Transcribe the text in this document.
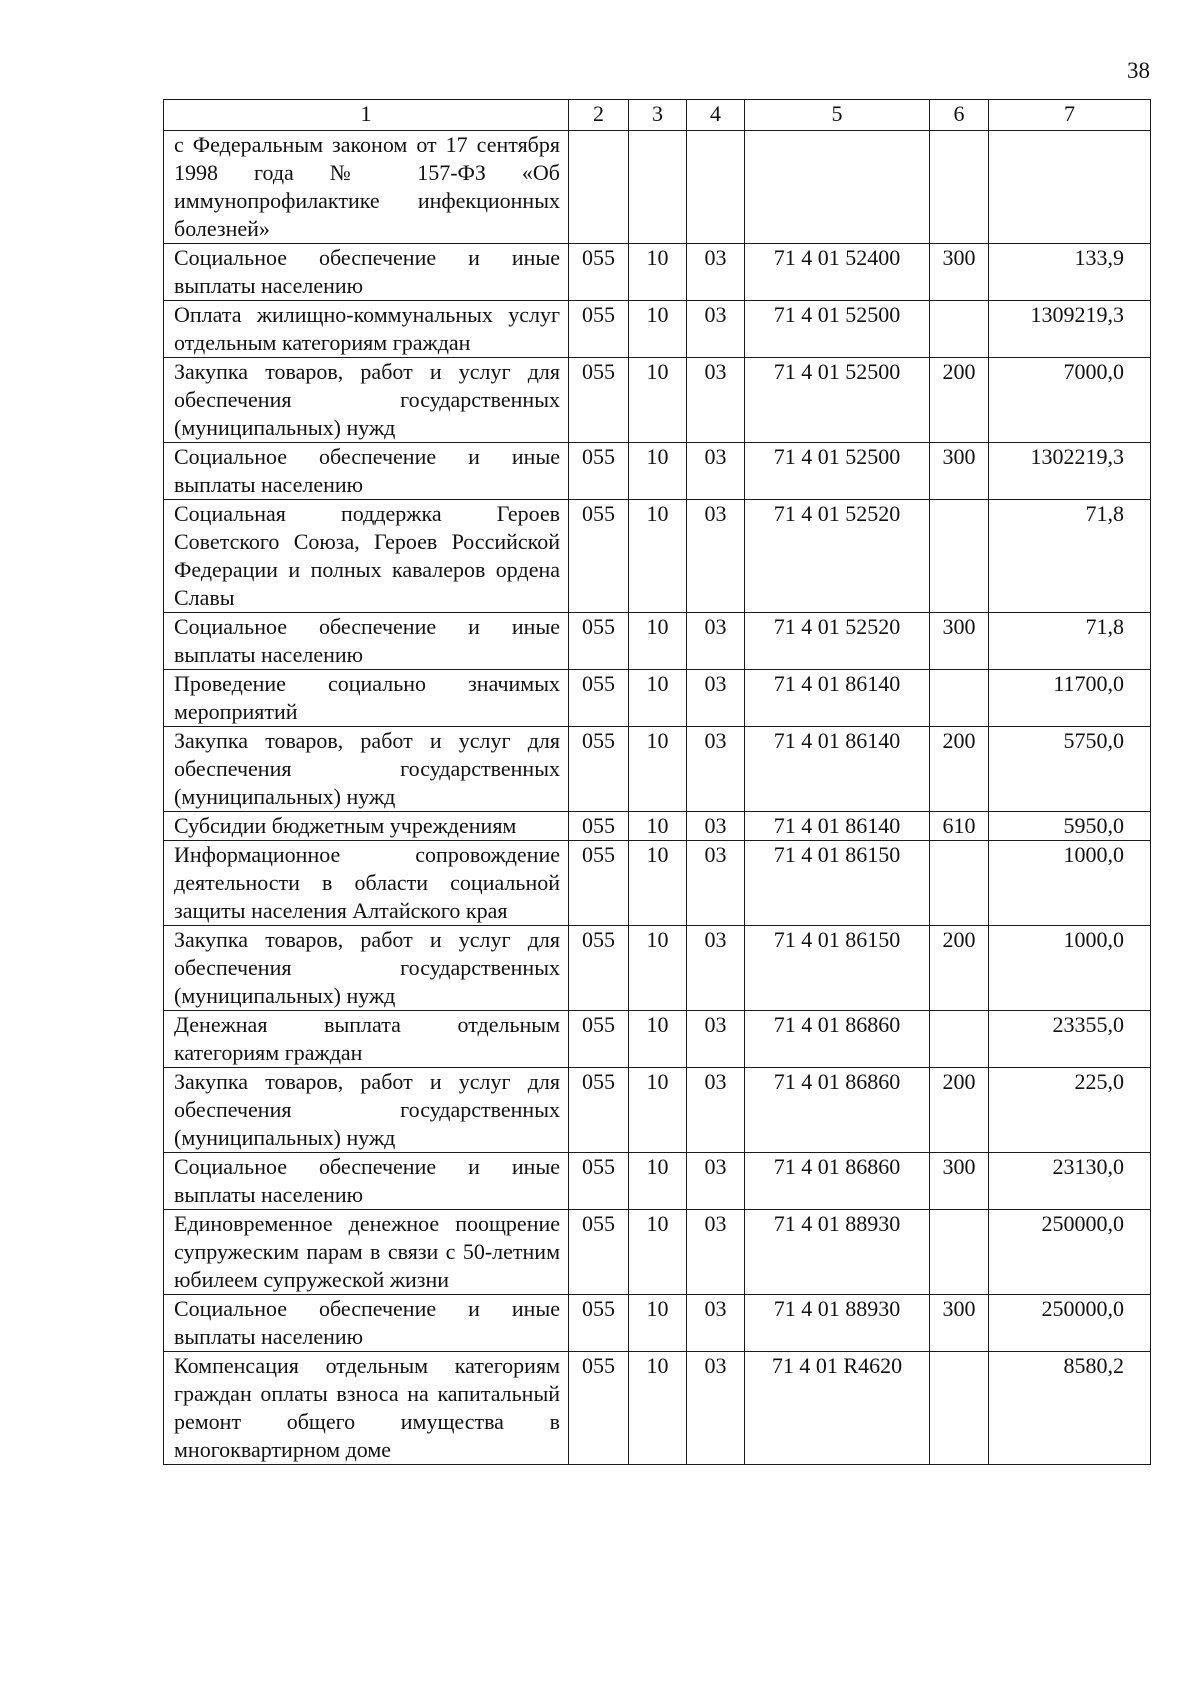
38
1	2	3	4	5	6	7
с Федеральным законом от 17 сентября 1998 года № 157-ФЗ «Об иммунопрофилактике инфекционных болезней»						
Социальное обеспечение и иные выплаты населению	055	10	03	71 4 01 52400	300	133,9
Оплата жилищно-коммунальных услуг отдельным категориям граждан	055	10	03	71 4 01 52500		1309219,3
Закупка товаров, работ и услуг для обеспечения государственных (муниципальных) нужд	055	10	03	71 4 01 52500	200	7000,0
Социальное обеспечение и иные выплаты населению	055	10	03	71 4 01 52500	300	1302219,3
Социальная поддержка Героев Советского Союза, Героев Российской Федерации и полных кавалеров ордена Славы	055	10	03	71 4 01 52520		71,8
Социальное обеспечение и иные выплаты населению	055	10	03	71 4 01 52520	300	71,8
Проведение социально значимых мероприятий	055	10	03	71 4 01 86140		11700,0
Закупка товаров, работ и услуг для обеспечения государственных (муниципальных) нужд	055	10	03	71 4 01 86140	200	5750,0
Субсидии бюджетным учреждениям	055	10	03	71 4 01 86140	610	5950,0
Информационное сопровождение деятельности в области социальной защиты населения Алтайского края	055	10	03	71 4 01 86150		1000,0
Закупка товаров, работ и услуг для обеспечения государственных (муниципальных) нужд	055	10	03	71 4 01 86150	200	1000,0
Денежная выплата отдельным категориям граждан	055	10	03	71 4 01 86860		23355,0
Закупка товаров, работ и услуг для обеспечения государственных (муниципальных) нужд	055	10	03	71 4 01 86860	200	225,0
Социальное обеспечение и иные выплаты населению	055	10	03	71 4 01 86860	300	23130,0
Единовременное денежное поощрение супружеским парам в связи с 50-летним юбилеем супружеской жизни	055	10	03	71 4 01 88930		250000,0
Социальное обеспечение и иные выплаты населению	055	10	03	71 4 01 88930	300	250000,0
Компенсация отдельным категориям граждан оплаты взноса на капитальный ремонт общего имущества в многоквартирном доме	055	10	03	71 4 01 R4620		8580,2
